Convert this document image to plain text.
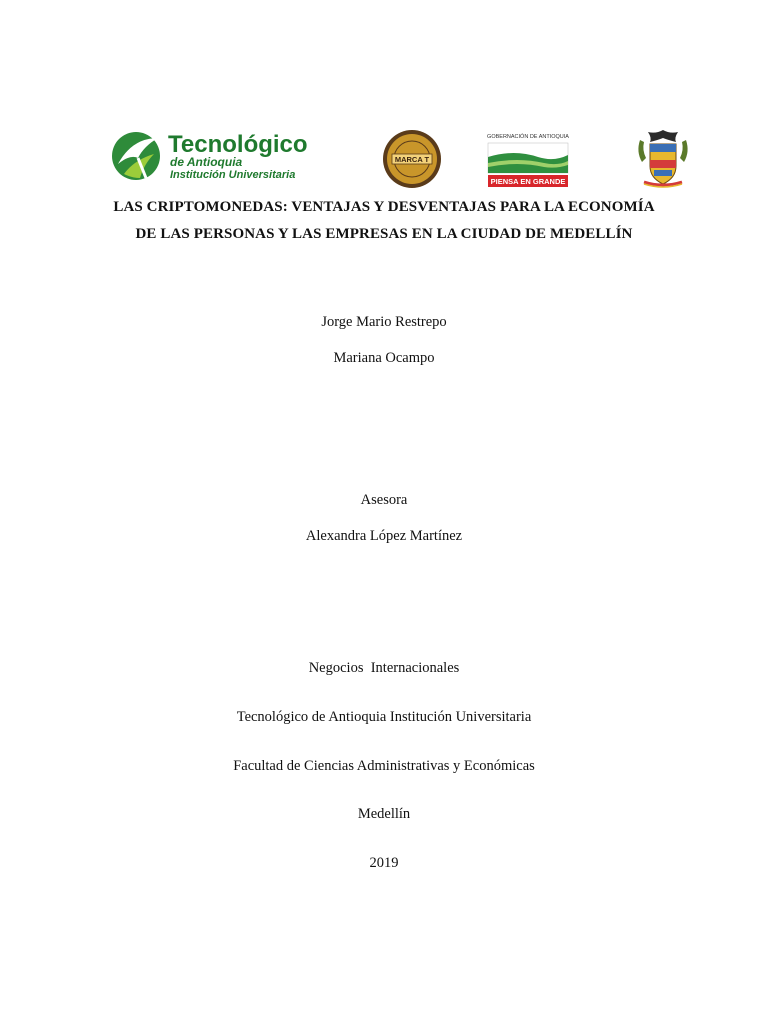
Tecnológico
de Antioquia
Institución Universitaria
MARCA T
GOBERNACIÓN DE ANTIOQUIA
PIENSA EN GRANDE
LAS CRIPTOMONEDAS: VENTAJAS Y DESVENTAJAS PARA LA ECONOMÍA
DE LAS PERSONAS Y LAS EMPRESAS EN LA CIUDAD DE MEDELLÍN
Jorge Mario Restrepo
Mariana Ocampo
Asesora
Alexandra López Martínez
Negocios  Internacionales
Tecnológico de Antioquia Institución Universitaria
Facultad de Ciencias Administrativas y Económicas
Medellín
2019
